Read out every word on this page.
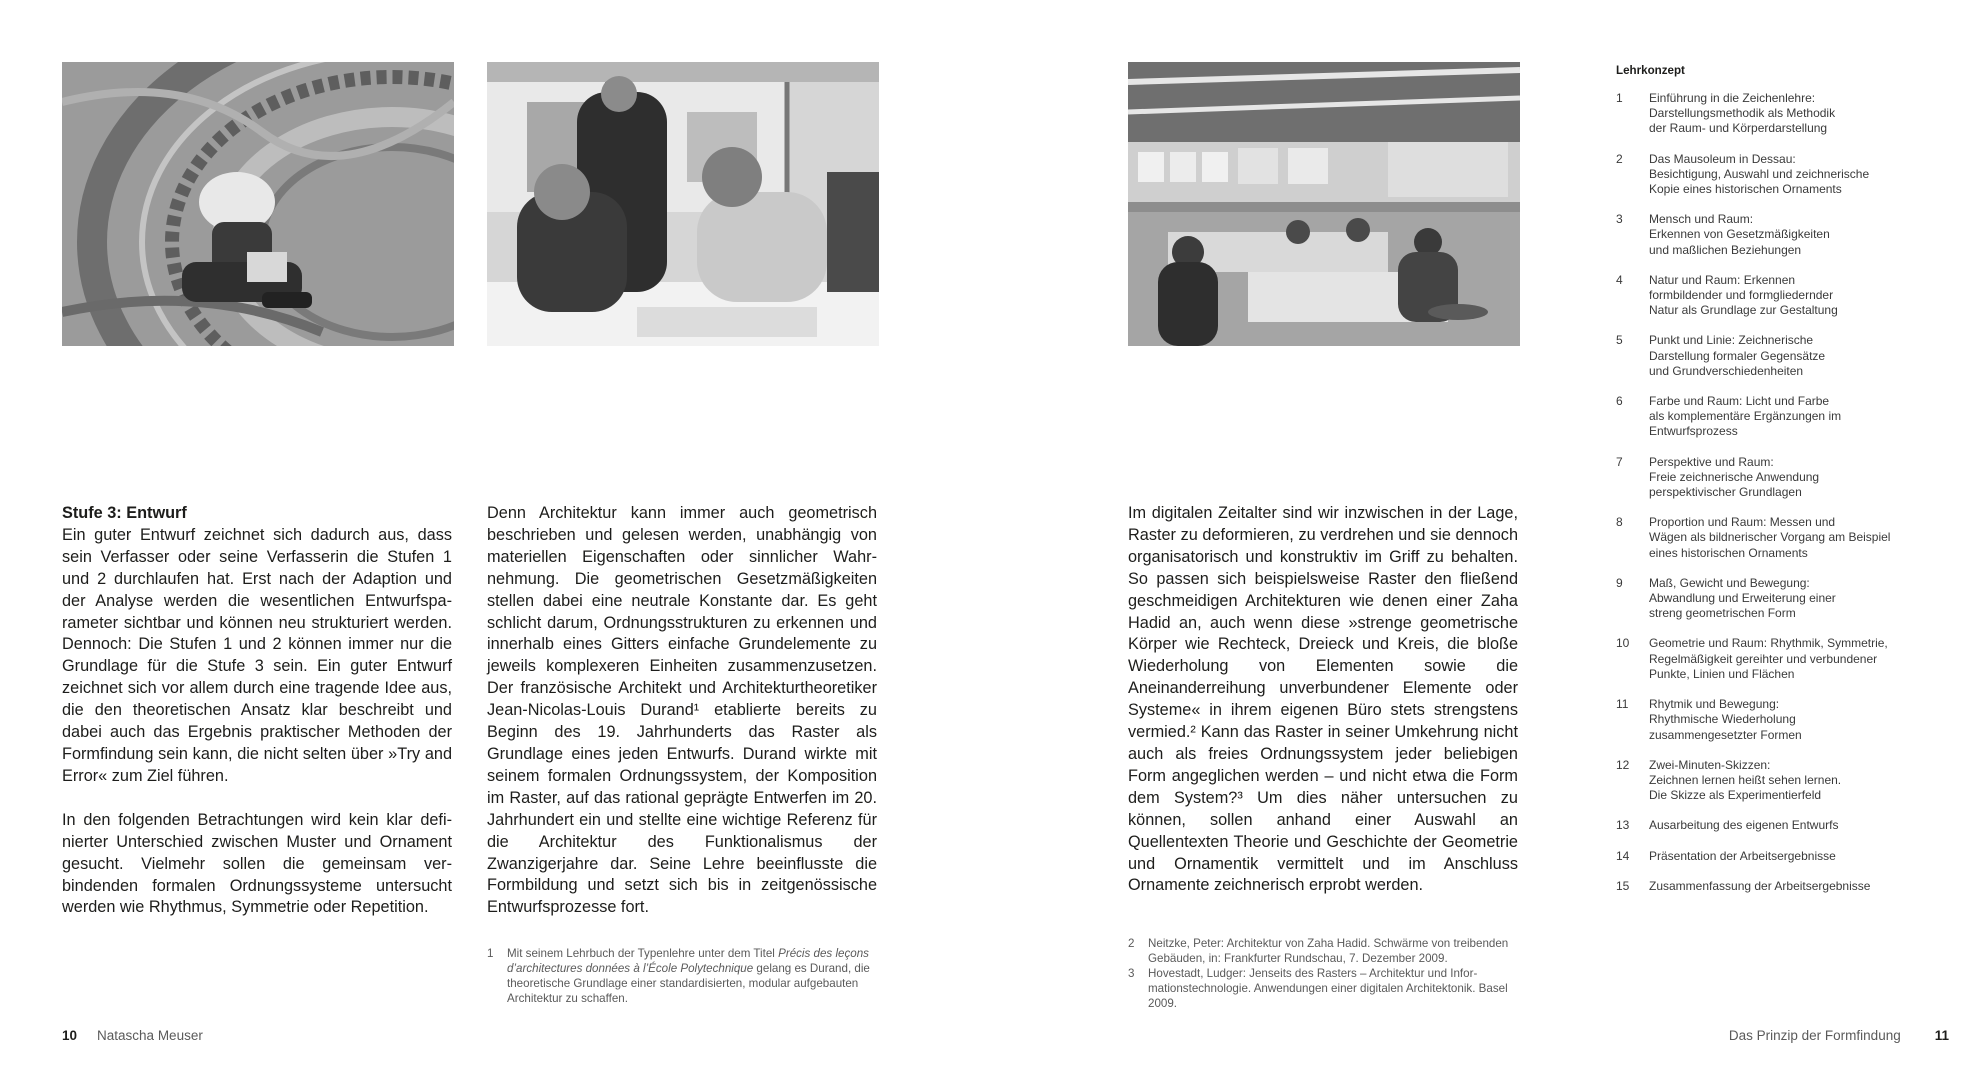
Stufe 3: Entwurf
Ein guter Entwurf zeichnet sich dadurch aus, dass sein Verfasser oder seine Verfasserin die Stufen 1 und 2 durchlaufen hat. Erst nach der Adaption und der Analyse werden die wesentlichen Entwurfsparameter sichtbar und können neu strukturiert werden. Dennoch: Die Stufen 1 und 2 können immer nur die Grundlage für die Stufe 3 sein. Ein guter Entwurf zeichnet sich vor allem durch eine tragende Idee aus, die den theoretischen Ansatz klar beschreibt und dabei auch das Ergebnis praktischer Methoden der Formfindung sein kann, die nicht selten über »Try and Error« zum Ziel führen.

In den folgenden Betrachtungen wird kein klar definierter Unterschied zwischen Muster und Ornament gesucht. Vielmehr sollen die gemeinsam verbindenden formalen Ordnungssysteme untersucht werden wie Rhythmus, Symmetrie oder Repetition.

Denn Architektur kann immer auch geometrisch beschrieben und gelesen werden, unabhängig von materiellen Eigenschaften oder sinnlicher Wahrnehmung. Die geometrischen Gesetzmäßigkeiten stellen dabei eine neutrale Konstante dar. Es geht schlicht darum, Ordnungsstrukturen zu erkennen und innerhalb eines Gitters einfache Grundelemente zu jeweils komplexeren Einheiten zusammenzusetzen. Der französische Architekt und Architekturtheoretiker Jean-Nicolas-Louis Durand¹ etablierte bereits zu Beginn des 19. Jahrhunderts das Raster als Grundlage eines jeden Entwurfs. Durand wirkte mit seinem formalen Ordnungssystem, der Komposition im Raster, auf das rational geprägte Entwerfen im 20. Jahrhundert ein und stellte eine wichtige Referenz für die Architektur des Funktionalismus der Zwanzigerjahre dar. Seine Lehre beeinflusste die Formbildung und setzt sich bis in zeitgenössische Entwurfsprozesse fort.

1	Mit seinem Lehrbuch der Typenlehre unter dem Titel Précis des leçons d’architectures données à l’École Polytechnique gelang es Durand, die theoretische Grundlage einer standardisierten, modular aufgebauten Architektur zu schaffen.

Im digitalen Zeitalter sind wir inzwischen in der Lage, Raster zu deformieren, zu verdrehen und sie dennoch organisatorisch und konstruktiv im Griff zu behalten. So passen sich beispielsweise Raster den fließend geschmeidigen Architekturen wie denen einer Zaha Hadid an, auch wenn diese »strenge geometrische Körper wie Rechteck, Dreieck und Kreis, die bloße Wiederholung von Elementen sowie die Aneinanderreihung unverbundener Elemente oder Systeme« in ihrem eigenen Büro stets strengstens vermied.² Kann das Raster in seiner Umkehrung nicht auch als freies Ordnungssystem jeder beliebigen Form angeglichen werden – und nicht etwa die Form dem System?³ Um dies näher untersuchen zu können, sollen anhand einer Auswahl an Quellentexten Theorie und Geschichte der Geometrie und Ornamentik vermittelt und im Anschluss Ornamente zeichnerisch erprobt werden.

2	Neitzke, Peter: Architektur von Zaha Hadid. Schwärme von treibenden Gebäuden, in: Frankfurter Rundschau, 7. Dezember 2009.
3	Hovestadt, Ludger: Jenseits des Rasters – Architektur und Informationstechnologie. Anwendungen einer digitalen Architektonik. Basel 2009.
Lehrkonzept
1	Einführung in die Zeichenlehre:
Darstellungsmethodik als Methodik
der Raum- und Körperdarstellung
2	Das Mausoleum in Dessau:
Besichtigung, Auswahl und zeichnerische
Kopie eines historischen Ornaments
3	Mensch und Raum:
Erkennen von Gesetzmäßigkeiten
und maßlichen Beziehungen
4	Natur und Raum: Erkennen
formbildender und formgliedernder
Natur als Grundlage zur Gestaltung
5	Punkt und Linie: Zeichnerische
Darstellung formaler Gegensätze
und Grundverschiedenheiten
6	Farbe und Raum: Licht und Farbe
als komplementäre Ergänzungen im
Entwurfsprozess
7	Perspektive und Raum:
Freie zeichnerische Anwendung
perspektivischer Grundlagen
8	Proportion und Raum: Messen und
Wägen als bildnerischer Vorgang am Beispiel
eines historischen Ornaments
9	Maß, Gewicht und Bewegung:
Abwandlung und Erweiterung einer
streng geometrischen Form
10	Geometrie und Raum: Rhythmik, Symmetrie,
Regelmäßigkeit gereihter und verbundener
Punkte, Linien und Flächen
11	Rhytmik und Bewegung:
Rhythmische Wiederholung
zusammengesetzter Formen
12	Zwei-Minuten-Skizzen:
Zeichnen lernen heißt sehen lernen.
Die Skizze als Experimentierfeld
13	Ausarbeitung des eigenen Entwurfs
14	Präsentation der Arbeitsergebnisse
15	Zusammenfassung der Arbeitsergebnisse
10 Natascha Meuser	Das Prinzip der Formfindung	11
